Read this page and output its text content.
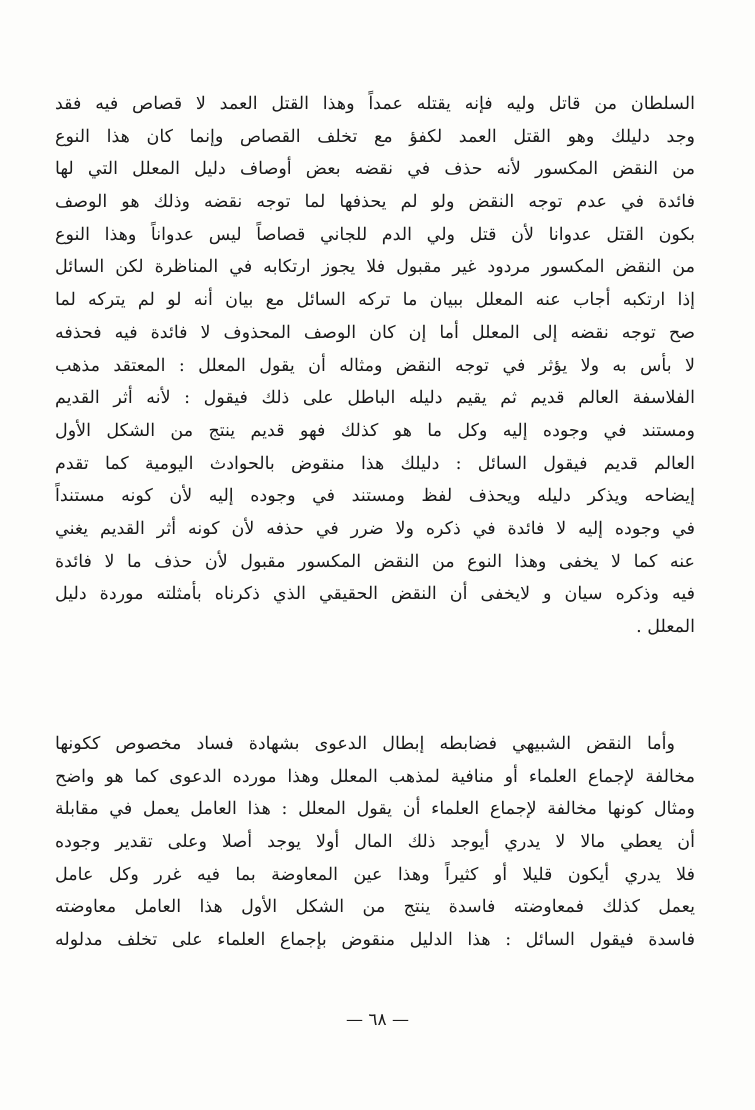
السلطان من قاتل وليه فإنه يقتله عمداً وهذا القتل العمد لا قصاص فيه فقد
وجد دليلك وهو القتل العمد لكفؤ مع تخلف القصاص وإنما كان هذا النوع
من النقض المكسور لأنه حذف في نقضه بعض أوصاف دليل المعلل التي لها
فائدة في عدم توجه النقض ولو لم يحذفها لما توجه نقضه وذلك هو الوصف
بكون القتل عدوانا لأن قتل ولي الدم للجاني قصاصاً ليس عدواناً وهذا النوع
من النقض المكسور مردود غير مقبول فلا يجوز ارتكابه في المناظرة لكن السائل
إذا ارتكبه أجاب عنه المعلل ببيان ما تركه السائل مع بيان أنه لو لم يتركه لما
صح توجه نقضه إلى المعلل أما إن كان الوصف المحذوف لا فائدة فيه فحذفه
لا بأس به ولا يؤثر في توجه النقض ومثاله أن يقول المعلل : المعتقد مذهب
الفلاسفة العالم قديم ثم يقيم دليله الباطل على ذلك فيقول : لأنه أثر القديم
ومستند في وجوده إليه وكل ما هو كذلك فهو قديم ينتج من الشكل الأول
العالم قديم فيقول السائل : دليلك هذا منقوض بالحوادث اليومية كما تقدم
إيضاحه ويذكر دليله ويحذف لفظ ومستند في وجوده إليه لأن كونه مستنداً
في وجوده إليه لا فائدة في ذكره ولا ضرر في حذفه لأن كونه أثر القديم يغني
عنه كما لا يخفى وهذا النوع من النقض المكسور مقبول لأن حذف ما لا فائدة
فيه وذكره سيان و لايخفى أن النقض الحقيقي الذي ذكرناه بأمثلته موردة دليل
المعلل .
وأما النقض الشبيهي فضابطه إبطال الدعوى بشهادة فساد مخصوص ككونها
مخالفة لإجماع العلماء أو منافية لمذهب المعلل وهذا مورده الدعوى كما هو واضح
ومثال كونها مخالفة لإجماع العلماء أن يقول المعلل : هذا العامل يعمل في مقابلة
أن يعطي مالا لا يدري أيوجد ذلك المال أولا يوجد أصلا وعلى تقدير وجوده
فلا يدري أيكون قليلا أو كثيراً وهذا عين المعاوضة بما فيه غرر وكل عامل
يعمل كذلك فمعاوضته فاسدة ينتج من الشكل الأول هذا العامل معاوضته
فاسدة فيقول السائل : هذا الدليل منقوض بإجماع العلماء على تخلف مدلوله
— ٦٨ —
